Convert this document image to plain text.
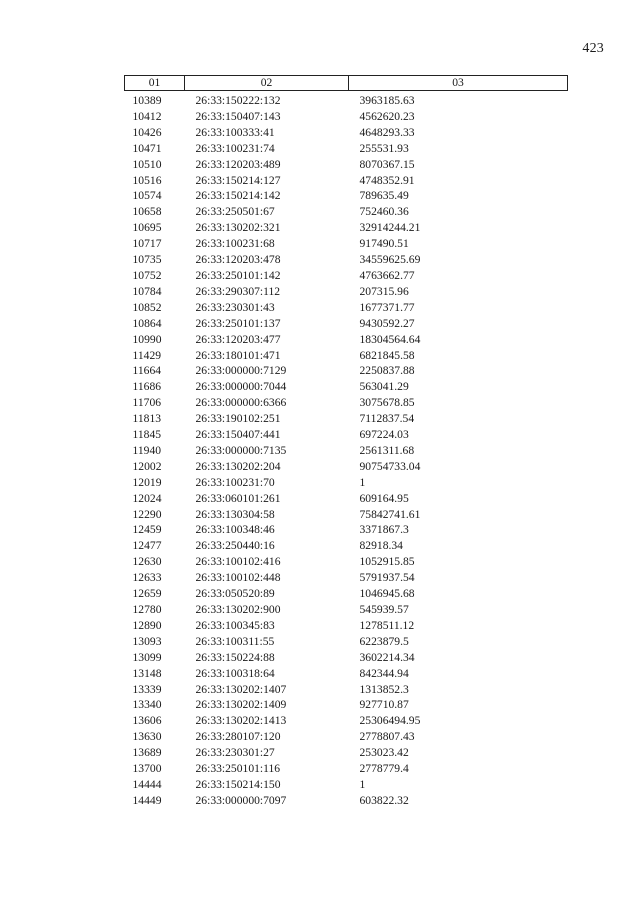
423
01	02	03
10389	26:33:150222:132	3963185.63
10412	26:33:150407:143	4562620.23
10426	26:33:100333:41	4648293.33
10471	26:33:100231:74	255531.93
10510	26:33:120203:489	8070367.15
10516	26:33:150214:127	4748352.91
10574	26:33:150214:142	789635.49
10658	26:33:250501:67	752460.36
10695	26:33:130202:321	32914244.21
10717	26:33:100231:68	917490.51
10735	26:33:120203:478	34559625.69
10752	26:33:250101:142	4763662.77
10784	26:33:290307:112	207315.96
10852	26:33:230301:43	1677371.77
10864	26:33:250101:137	9430592.27
10990	26:33:120203:477	18304564.64
11429	26:33:180101:471	6821845.58
11664	26:33:000000:7129	2250837.88
11686	26:33:000000:7044	563041.29
11706	26:33:000000:6366	3075678.85
11813	26:33:190102:251	7112837.54
11845	26:33:150407:441	697224.03
11940	26:33:000000:7135	2561311.68
12002	26:33:130202:204	90754733.04
12019	26:33:100231:70	1
12024	26:33:060101:261	609164.95
12290	26:33:130304:58	75842741.61
12459	26:33:100348:46	3371867.3
12477	26:33:250440:16	82918.34
12630	26:33:100102:416	1052915.85
12633	26:33:100102:448	5791937.54
12659	26:33:050520:89	1046945.68
12780	26:33:130202:900	545939.57
12890	26:33:100345:83	1278511.12
13093	26:33:100311:55	6223879.5
13099	26:33:150224:88	3602214.34
13148	26:33:100318:64	842344.94
13339	26:33:130202:1407	1313852.3
13340	26:33:130202:1409	927710.87
13606	26:33:130202:1413	25306494.95
13630	26:33:280107:120	2778807.43
13689	26:33:230301:27	253023.42
13700	26:33:250101:116	2778779.4
14444	26:33:150214:150	1
14449	26:33:000000:7097	603822.32
